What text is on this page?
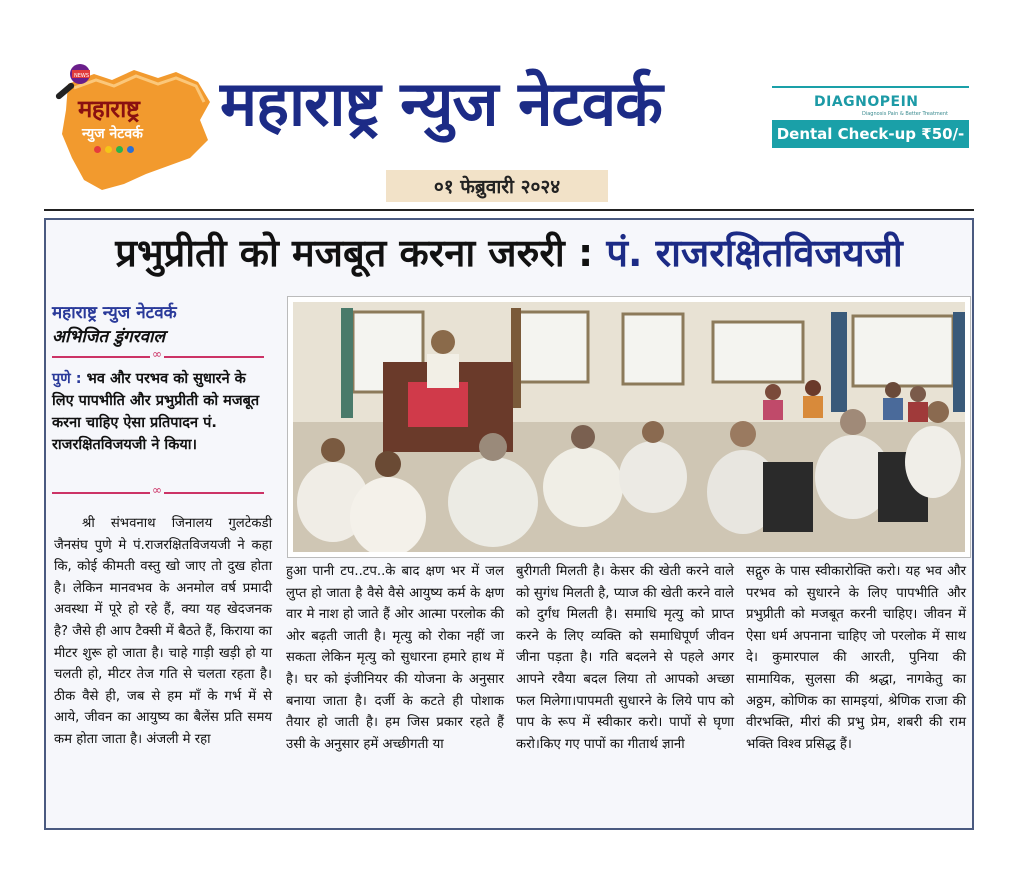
महाराष्ट्र
न्युज नेटवर्क
NEWS महाराष्ट्र न्युज नेटवर्क
०१ फेब्रुवारी २०२४
DIAGNOPEIN
Diagnosis Pain & Better Treatment
Dental Check-up ₹50/-
प्रभुप्रीती को मजबूत करना जरुरी : पं. राजरक्षितविजयजी
महाराष्ट्र न्युज नेटवर्क
अभिजित डुंगरवाल
∞
पुणे : भव और परभव को सुधारने के लिए पापभीति और प्रभुप्रीती को मजबूत करना चाहिए ऐसा प्रतिपादन पं. राजरक्षितविजयजी ने किया।
∞
श्री संभवनाथ जिनालय गुलटेकडी जैनसंघ पुणे मे पं.राजरक्षितविजयजी ने कहा कि, कोई कीमती वस्तु खो जाए तो दुख होता है। लेकिन मानवभव के अनमोल वर्ष प्रमादी अवस्था में पूरे हो रहे हैं, क्या यह खेदजनक है? जैसे ही आप टैक्सी में बैठते हैं, किराया का मीटर शुरू हो जाता है। चाहे गाड़ी खड़ी हो या चलती हो, मीटर तेज गति से चलता रहता है। ठीक वैसे ही, जब से हम माँ के गर्भ में से आये, जीवन का आयुष्य का बैलेंस प्रति समय कम होता जाता है। अंजली मे रहा
हुआ पानी टप..टप..के बाद क्षण भर में जल लुप्त हो जाता है वैसे वैसे आयुष्य कर्म के क्षण वार मे नाश हो जाते हैं ओर आत्मा परलोक की ओर बढ़ती जाती है। मृत्यु को रोका नहीं जा सकता लेकिन मृत्यु को सुधारना हमारे हाथ में है। घर को इंजीनियर की योजना के अनुसार बनाया जाता है। दर्जी के कटते ही पोशाक तैयार हो जाती है। हम जिस प्रकार रहते हैं उसी के अनुसार हमें अच्छीगती या
बुरीगती मिलती है। केसर की खेती करने वाले को सुगंध मिलती है, प्याज की खेती करने वाले को दुर्गंध मिलती है। समाधि मृत्यु को प्राप्त करने के लिए व्यक्ति को समाधिपूर्ण जीवन जीना पड़ता है। गति बदलने से पहले अगर आपने रवैया बदल लिया तो आपको अच्छा फल मिलेगा।पापमती सुधारने के लिये पाप को पाप के रूप में स्वीकार करो। पापों से घृणा करो।किए गए पापों का गीतार्थ ज्ञानी
सद्गुरु के पास स्वीकारोक्ति करो। यह भव और परभव को सुधारने के लिए पापभीति और प्रभुप्रीती को मजबूत करनी चाहिए। जीवन में ऐसा धर्म अपनाना चाहिए जो परलोक में साथ दे। कुमारपाल की आरती, पुनिया की सामायिक, सुलसा की श्रद्धा, नागकेतु का अठ्ठम, कोणिक का सामइयां, श्रेणिक राजा की वीरभक्ति, मीरां की प्रभु प्रेम, शबरी की राम भक्ति विश्व प्रसिद्ध हैं।
